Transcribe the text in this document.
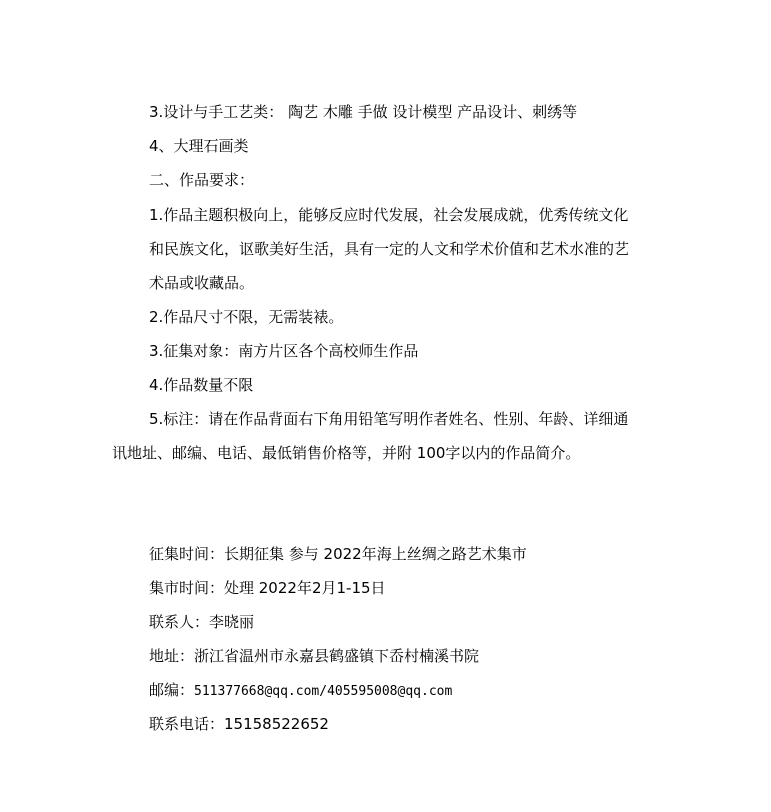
3.设计与手工艺类： 陶艺 木雕 手做 设计模型 产品设计、刺绣等
4、大理石画类
二、作品要求：
1.作品主题积极向上，能够反应时代发展，社会发展成就，优秀传统文化
和民族文化，讴歌美好生活，具有一定的人文和学术价值和艺术水准的艺
术品或收藏品。
2.作品尺寸不限，无需装裱。
3.征集对象：南方片区各个高校师生作品
4.作品数量不限
5.标注：请在作品背面右下角用铅笔写明作者姓名、性别、年龄、详细通
讯地址、邮编、电话、最低销售价格等，并附 100字以内的作品简介。
征集时间：长期征集 参与 2022年海上丝绸之路艺术集市
集市时间：处理 2022年2月1-15日
联系人：李晓丽
地址：浙江省温州市永嘉县鹤盛镇下岙村楠溪书院
邮编：511377668@qq.com/405595008@qq.com
联系电话：15158522652
